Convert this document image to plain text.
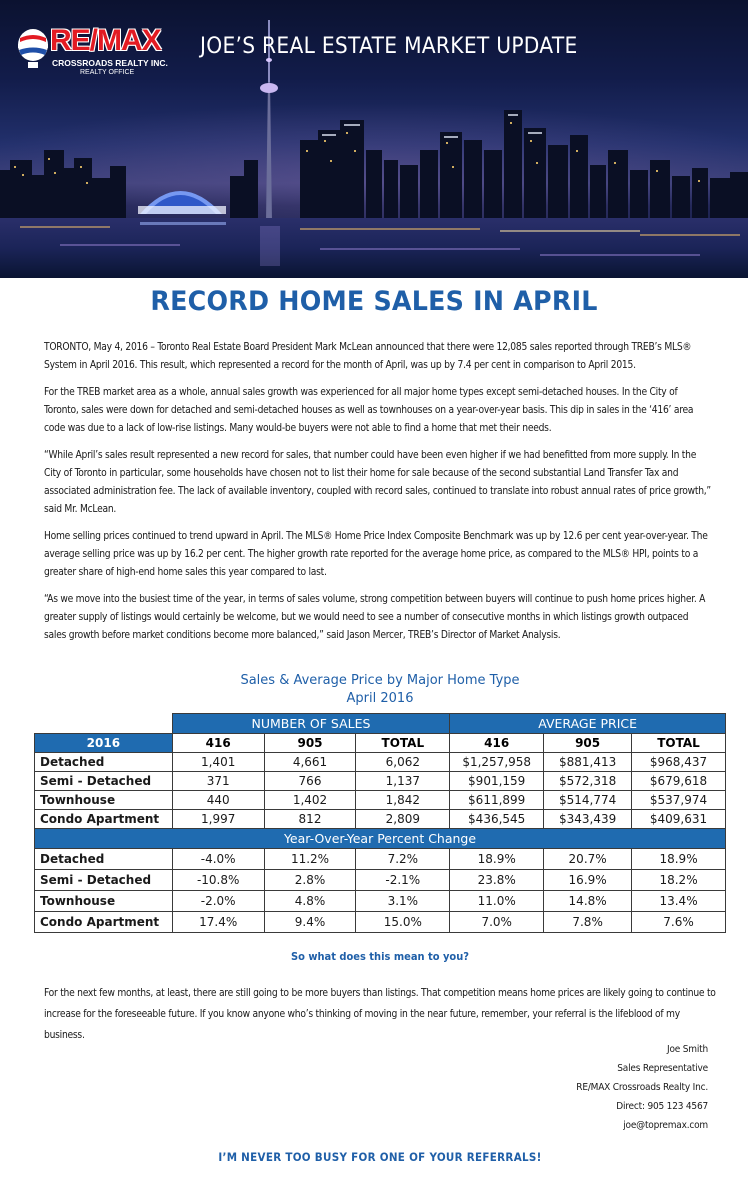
RE/MAX
CROSSROADS REALTY INC.
REALTY OFFICE
JOE’S REAL ESTATE MARKET UPDATE
RECORD HOME SALES IN APRIL

TORONTO, May 4, 2016 – Toronto Real Estate Board President Mark McLean announced that there were 12,085 sales reported through TREB’s MLS® System in April 2016. This result, which represented a record for the month of April, was up by 7.4 per cent in comparison to April 2015.

For the TREB market area as a whole, annual sales growth was experienced for all major home types except semi-detached houses. In the City of Toronto, sales were down for detached and semi-detached houses as well as townhouses on a year-over-year basis. This dip in sales in the ‘416’ area code was due to a lack of low-rise listings. Many would-be buyers were not able to find a home that met their needs.

“While April’s sales result represented a new record for sales, that number could have been even higher if we had benefitted from more supply. In the City of Toronto in particular, some households have chosen not to list their home for sale because of the second substantial Land Transfer Tax and associated administration fee. The lack of available inventory, coupled with record sales, continued to translate into robust annual rates of price growth,” said Mr. McLean.

Home selling prices continued to trend upward in April. The MLS® Home Price Index Composite Benchmark was up by 12.6 per cent year-over-year. The average selling price was up by 16.2 per cent. The higher growth rate reported for the average home price, as compared to the MLS® HPI, points to a greater share of high-end home sales this year compared to last.

“As we move into the busiest time of the year, in terms of sales volume, strong competition between buyers will continue to push home prices higher. A greater supply of listings would certainly be welcome, but we would need to see a number of consecutive months in which listings growth outpaced sales growth before market conditions become more balanced,” said Jason Mercer, TREB’s Director of Market Analysis.

Sales & Average Price by Major Home Type
April 2016
	NUMBER OF SALES			AVERAGE PRICE		
2016	416	905	TOTAL	416	905	TOTAL
Detached	1,401	4,661	6,062	$1,257,958	$881,413	$968,437
Semi - Detached	371	766	1,137	$901,159	$572,318	$679,618
Townhouse	440	1,402	1,842	$611,899	$514,774	$537,974
Condo Apartment	1,997	812	2,809	$436,545	$343,439	$409,631
Year-Over-Year Percent Change						
Detached	-4.0%	11.2%	7.2%	18.9%	20.7%	18.9%
Semi - Detached	-10.8%	2.8%	-2.1%	23.8%	16.9%	18.2%
Townhouse	-2.0%	4.8%	3.1%	11.0%	14.8%	13.4%
Condo Apartment	17.4%	9.4%	15.0%	7.0%	7.8%	7.6%
So what does this mean to you?

For the next few months, at least, there are still going to be more buyers than listings. That competition means home prices are likely going to continue to increase for the foreseeable future. If you know anyone who’s thinking of moving in the near future, remember, your referral is the lifeblood of my business.

Joe Smith
Sales Representative
RE/MAX Crossroads Realty Inc.
Direct: 905 123 4567
joe@topremax.com
I’M NEVER TOO BUSY FOR ONE OF YOUR REFERRALS!
